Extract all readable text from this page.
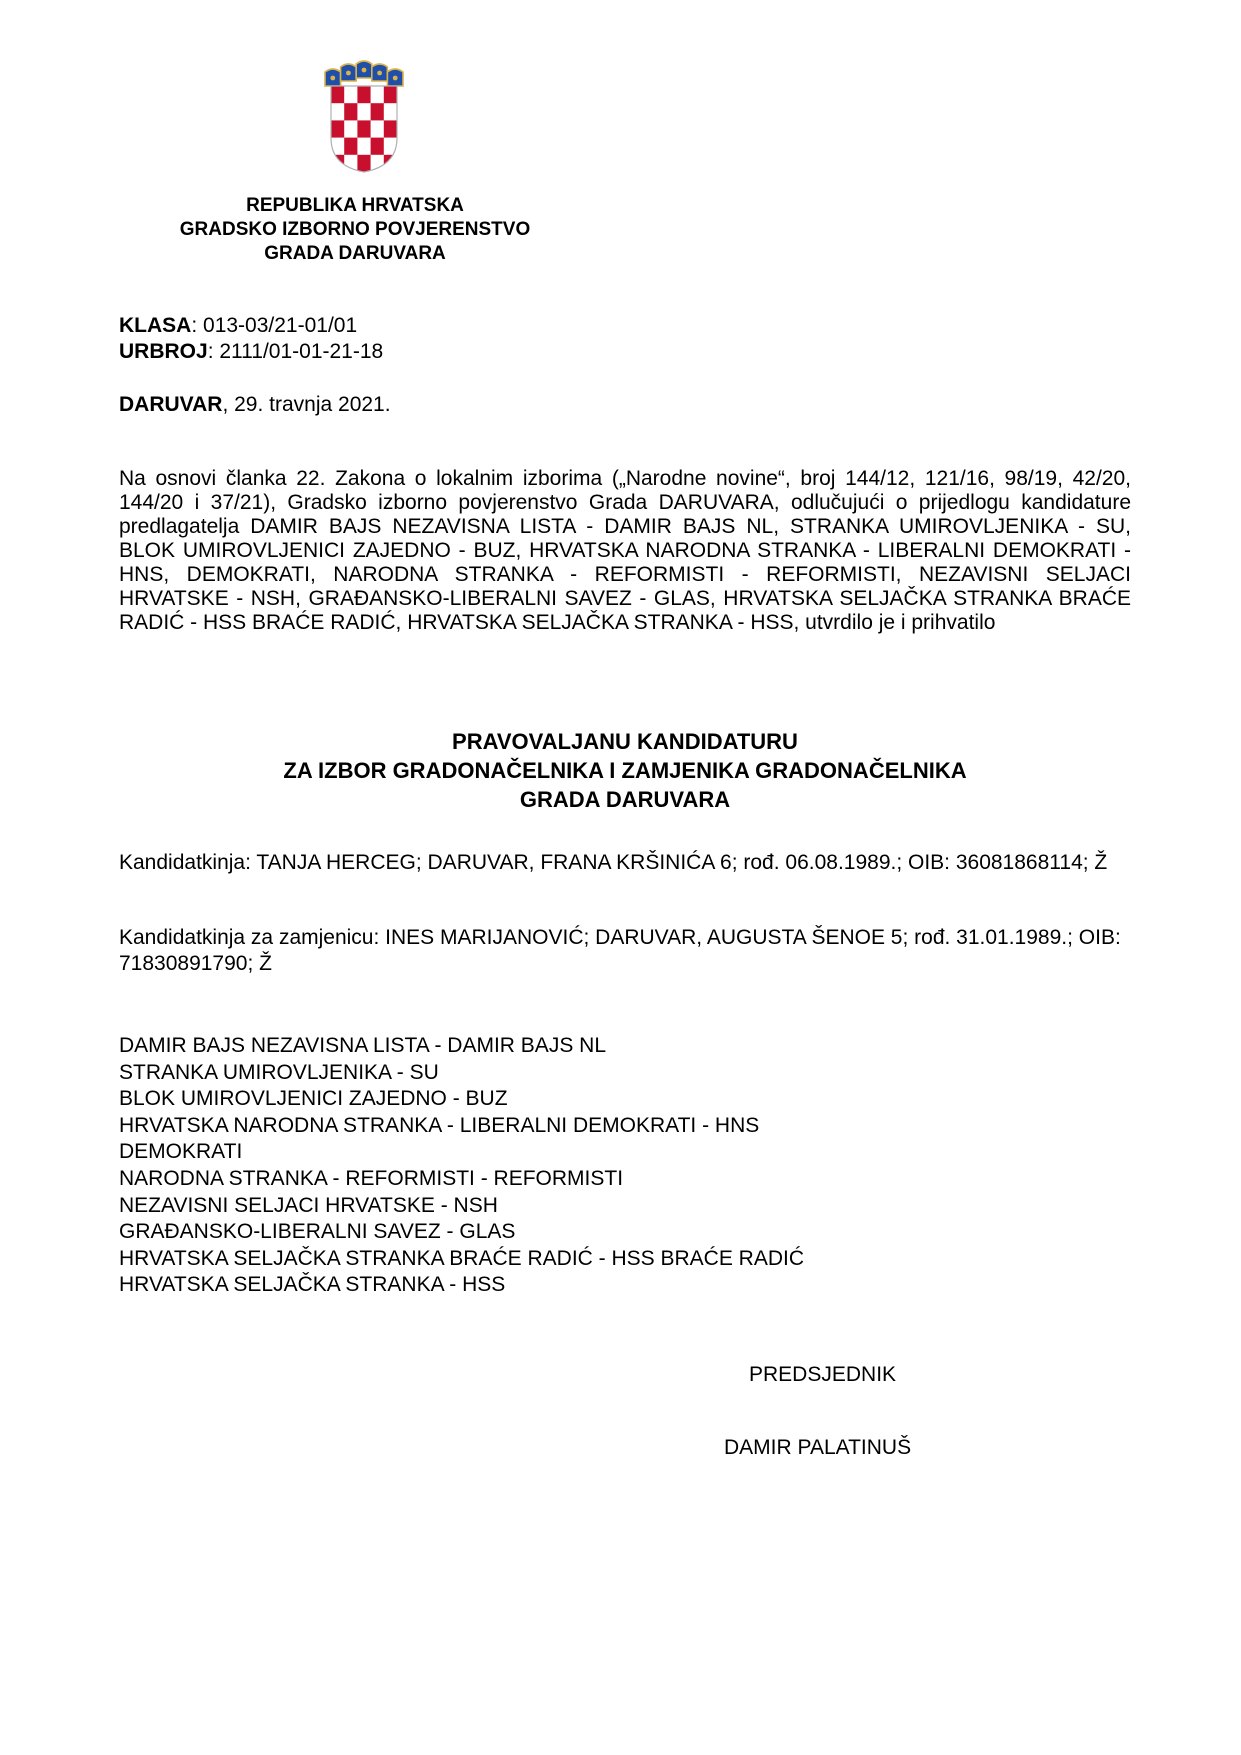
REPUBLIKA HRVATSKA
GRADSKO IZBORNO POVJERENSTVO
GRADA DARUVARA
KLASA: 013-03/21-01/01
URBROJ: 2111/01-01-21-18
DARUVAR, 29. travnja 2021.
Na osnovi članka 22. Zakona o lokalnim izborima („Narodne novine“, broj 144/12, 121/16, 98/19, 42/20, 144/20 i 37/21), Gradsko izborno povjerenstvo Grada DARUVARA, odlučujući o prijedlogu kandidature predlagatelja DAMIR BAJS NEZAVISNA LISTA - DAMIR BAJS NL, STRANKA UMIROVLJENIKA - SU, BLOK UMIROVLJENICI ZAJEDNO - BUZ, HRVATSKA NARODNA STRANKA - LIBERALNI DEMOKRATI - HNS, DEMOKRATI, NARODNA STRANKA - REFORMISTI - REFORMISTI, NEZAVISNI SELJACI HRVATSKE - NSH, GRAĐANSKO-LIBERALNI SAVEZ - GLAS, HRVATSKA SELJAČKA STRANKA BRAĆE RADIĆ - HSS BRAĆE RADIĆ, HRVATSKA SELJAČKA STRANKA - HSS, utvrdilo je i prihvatilo
PRAVOVALJANU KANDIDATURU
ZA IZBOR GRADONAČELNIKA I ZAMJENIKA GRADONAČELNIKA
GRADA DARUVARA
Kandidatkinja: TANJA HERCEG; DARUVAR, FRANA KRŠINIĆA 6; rođ. 06.08.1989.; OIB: 36081868114; Ž
Kandidatkinja za zamjenicu: INES MARIJANOVIĆ; DARUVAR, AUGUSTA ŠENOE 5; rođ. 31.01.1989.; OIB: 71830891790; Ž
DAMIR BAJS NEZAVISNA LISTA - DAMIR BAJS NL
STRANKA UMIROVLJENIKA - SU
BLOK UMIROVLJENICI ZAJEDNO - BUZ
HRVATSKA NARODNA STRANKA - LIBERALNI DEMOKRATI - HNS
DEMOKRATI
NARODNA STRANKA - REFORMISTI - REFORMISTI
NEZAVISNI SELJACI HRVATSKE - NSH
GRAĐANSKO-LIBERALNI SAVEZ - GLAS
HRVATSKA SELJAČKA STRANKA BRAĆE RADIĆ - HSS BRAĆE RADIĆ
HRVATSKA SELJAČKA STRANKA - HSS
PREDSJEDNIK
DAMIR PALATINUŠ
